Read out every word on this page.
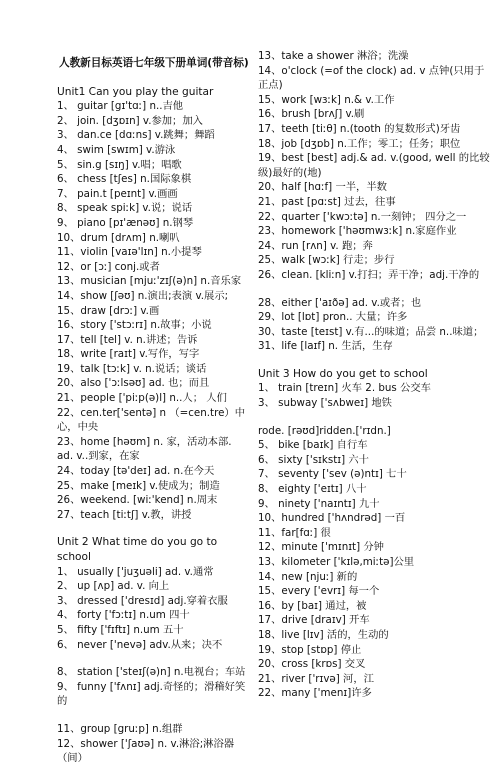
人教新目标英语七年级下册单词(带音标)
Unit1 Can you play the guitar
1、 guitar [gɪ'tɑː] n..吉他
2、 join. [dʒɒɪn] v.参加；加入
3、 dan.ce [dɑːns] v.跳舞；舞蹈
4、 swim [swɪm] v.游泳
5、 sin.g [sɪŋ] v.唱；唱歌
6、 chess [tʃes] n.国际象棋
7、 pain.t [peɪnt] v.画画
8、 speak spiːk] v.说；说话
9、 piano [pɪ'ænəʊ] n.钢琴
10、drum [drʌm] n.喇叭
11、violin [vaɪə'lɪn] n.小提琴
12、or [ɔː] conj.或者
13、musician [mjuː'zɪʃ(ə)n] n.音乐家
14、show [ʃəʊ] n.演出;表演 v.展示;
15、draw [drɔː] v.画
16、story ['stɔːrɪ] n.故事；小说
17、tell [tel] v. n.讲述；告诉
18、write [raɪt] v.写作，写字
19、talk [tɔːk] v. n.说话；谈话
20、also ['ɔːlsəʊ] ad. 也；而且
21、people ['piːp(ə)l] n..人； 人们
22、cen.ter['sentə] n （=cen.tre）中心，中央
23、home [həʊm] n. 家，活动本部.
ad. v..到家，在家
24、today [tə'deɪ] ad. n.在今天
25、make [meɪk] v.使成为；制造
26、weekend. [wiː'kend] n.周末
27、teach [tiːtʃ] v.教，讲授
Unit 2 What time do you go to school
1、 usually ['juʒuəli] ad. v.通常
2、 up [ʌp] ad. v. 向上
3、 dressed ['dresɪd] adj.穿着衣服
4、 forty ['fɔːtɪ] n.um 四十
5、 fifty ['fɪftɪ] n.um 五十
6、 never ['nevə] adv.从来；决不
8、 station ['steɪʃ(ə)n] n.电视台；车站
9、 funny ['fʌnɪ] adj.奇怪的；滑稽好笑的
11、group [gruːp] n.组群
12、shower ['ʃaʊə] n. v.淋浴;淋浴器（间）
13、take a shower 淋浴；洗澡
14、o'clock (=of the clock) ad. v 点钟(只用于正点)
15、work [wɜːk] n.& v.工作
16、brush [brʌʃ] v.刷
17、teeth [tiːθ] n.(tooth 的复数形式)牙齿
18、job [dʒɒb] n.工作；零工；任务；职位
19、best [best] adj.& ad. v.(good, well 的比较级)最好的(地)
20、half [hɑːf] 一半，半数
21、past [pɑːst] 过去，往事
22、quarter ['kwɔːtə] n.一刻钟； 四分之一
23、homework ['həʊmwɜːk] n.家庭作业
24、run [rʌn] v. 跑；奔
25、walk [wɔːk] 行走；步行
26、clean. [kliːn] v.打扫；弄干净；adj.干净的
28、either ['aɪðə] ad. v.或者；也
29、lot [lɒt] pron.. 大量；许多
30、taste [teɪst] v.有...的味道；品尝 n..味道；
31、life [laɪf] n. 生活，生存
Unit 3 How do you get to school
1、 train [treɪn] 火车 2. bus 公交车
3、 subway ['sʌbweɪ] 地铁
rode. [rəʊd]ridden.['rɪdn.]
5、 bike [baɪk] 自行车
6、 sixty ['sɪkstɪ] 六十
7、 seventy ['sev (ə)ntɪ] 七十
8、 eighty ['eɪtɪ] 八十
9、 ninety ['naɪntɪ] 九十
10、hundred ['hʌndrəd] 一百
11、far[fɑː] 很
12、minute ['mɪnɪt] 分钟
13、kilometer ['kɪlə,miːtə]公里
14、new [njuː] 新的
15、every ['evrɪ] 每一个
16、by [baɪ] 通过，被
17、drive [draɪv] 开车
18、live [lɪv] 活的，生动的
19、stop [stɒp] 停止
20、cross [krɒs] 交叉
21、river ['rɪvə] 河，江
22、many ['menɪ]许多
